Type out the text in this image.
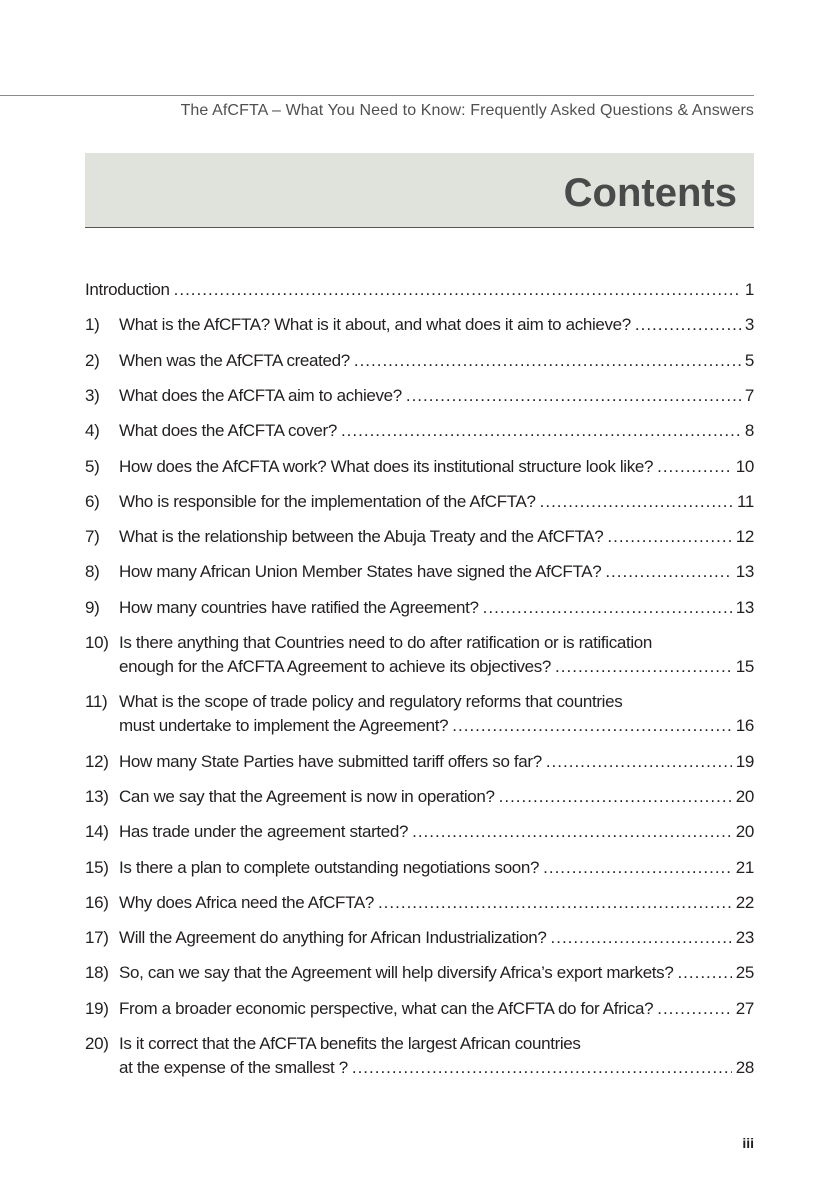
The AfCFTA – What You Need to Know: Frequently Asked Questions & Answers
Contents
Introduction .....	1
1)	What is the AfCFTA? What is it about, and what does it aim to achieve? .....	3
2)	When was the AfCFTA created? .....	5
3)	What does the AfCFTA aim to achieve? .....	7
4)	What does the AfCFTA cover? .....	8
5)	How does the AfCFTA work? What does its institutional structure look like? .....	10
6)	Who is responsible for the implementation of the AfCFTA? .....	11
7)	What is the relationship between the Abuja Treaty and the AfCFTA? .....	12
8)	How many African Union Member States have signed the AfCFTA? .....	13
9)	How many countries have ratified the Agreement? .....	13
10) Is there anything that Countries need to do after ratification or is ratification
enough for the AfCFTA Agreement to achieve its objectives? .....	15
11) What is the scope of trade policy and regulatory reforms that countries
must undertake to implement the Agreement? .....	16
12) How many State Parties have submitted tariff offers so far? .....	19
13) Can we say that the Agreement is now in operation? .....	20
14) Has trade under the agreement started? .....	20
15) Is there a plan to complete outstanding negotiations soon? .....	21
16) Why does Africa need the AfCFTA? .....	22
17) Will the Agreement do anything for African Industrialization? .....	23
18) So, can we say that the Agreement will help diversify Africa’s export markets? .....	25
19) From a broader economic perspective, what can the AfCFTA do for Africa? .....	27
20) Is it correct that the AfCFTA benefits the largest African countries
at the expense of the smallest ? .....	28
iii
